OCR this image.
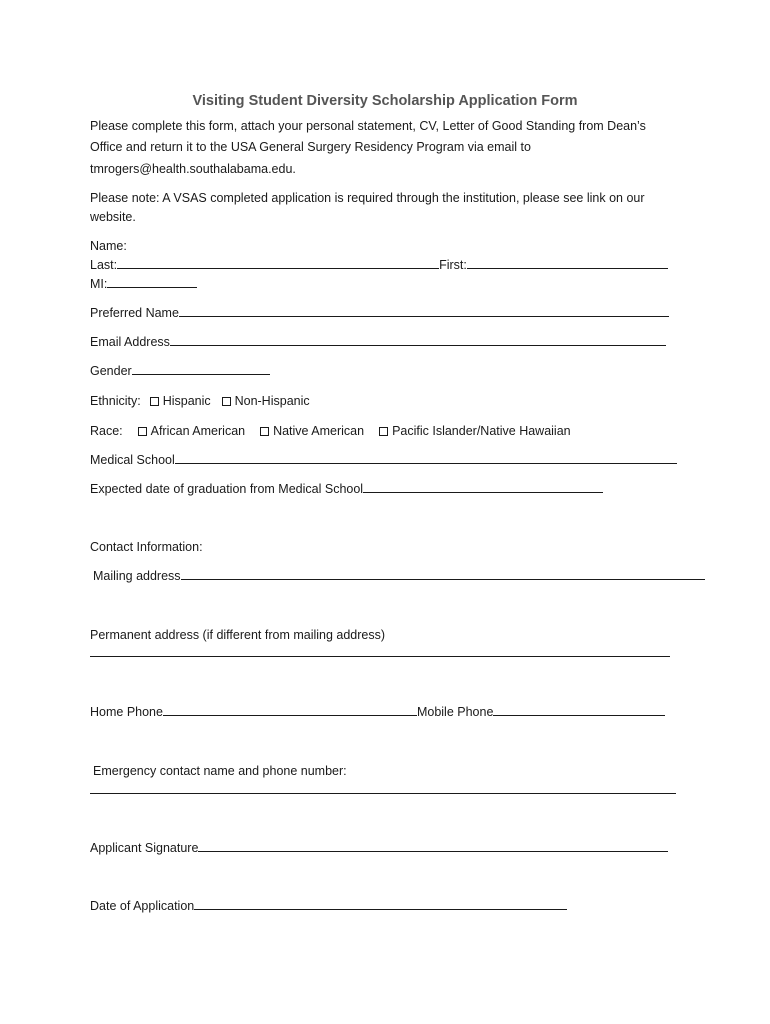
Visiting Student Diversity Scholarship Application Form
Please complete this form, attach your personal statement, CV, Letter of Good Standing from Dean’s
Office and return it to the USA General Surgery Residency Program via email to
tmrogers@health.southalabama.edu.
Please note: A VSAS completed application is required through the institution, please see link on our
website.
Name:
Last:	First:
MI:
Preferred Name
Email Address
Gender
Ethnicity: Hispanic Non-Hispanic
Race: African American Native American Pacific Islander/Native Hawaiian
Medical School
Expected date of graduation from Medical School
Contact Information:
Mailing address
Permanent address (if different from mailing address)
Home Phone	Mobile Phone
Emergency contact name and phone number:
Applicant Signature
Date of Application
